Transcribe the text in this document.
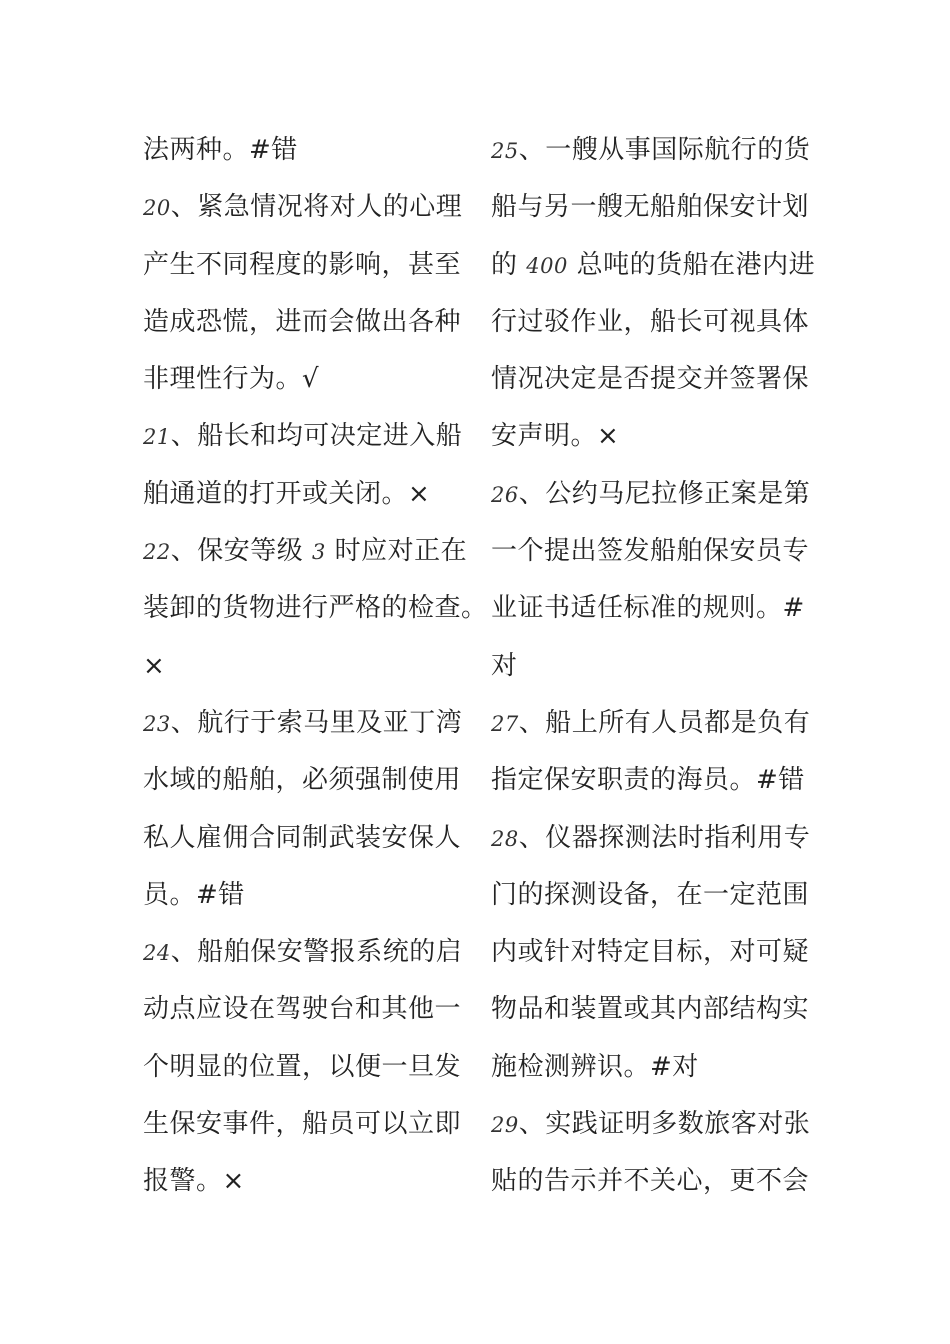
法两种。#错
20、紧急情况将对人的心理
产生不同程度的影响，甚至
造成恐慌，进而会做出各种
非理性行为。√
21、船长和均可决定进入船
舶通道的打开或关闭。×
22、保安等级 3 时应对正在
装卸的货物进行严格的检查。
×
23、航行于索马里及亚丁湾
水域的船舶，必须强制使用
私人雇佣合同制武装安保人
员。#错
24、船舶保安警报系统的启
动点应设在驾驶台和其他一
个明显的位置，以便一旦发
生保安事件，船员可以立即
报警。×
25、一艘从事国际航行的货
船与另一艘无船舶保安计划
的 400 总吨的货船在港内进
行过驳作业，船长可视具体
情况决定是否提交并签署保
安声明。×
26、公约马尼拉修正案是第
一个提出签发船舶保安员专
业证书适任标准的规则。#
对
27、船上所有人员都是负有
指定保安职责的海员。#错
28、仪器探测法时指利用专
门的探测设备，在一定范围
内或针对特定目标，对可疑
物品和装置或其内部结构实
施检测辨识。#对
29、实践证明多数旅客对张
贴的告示并不关心，更不会
